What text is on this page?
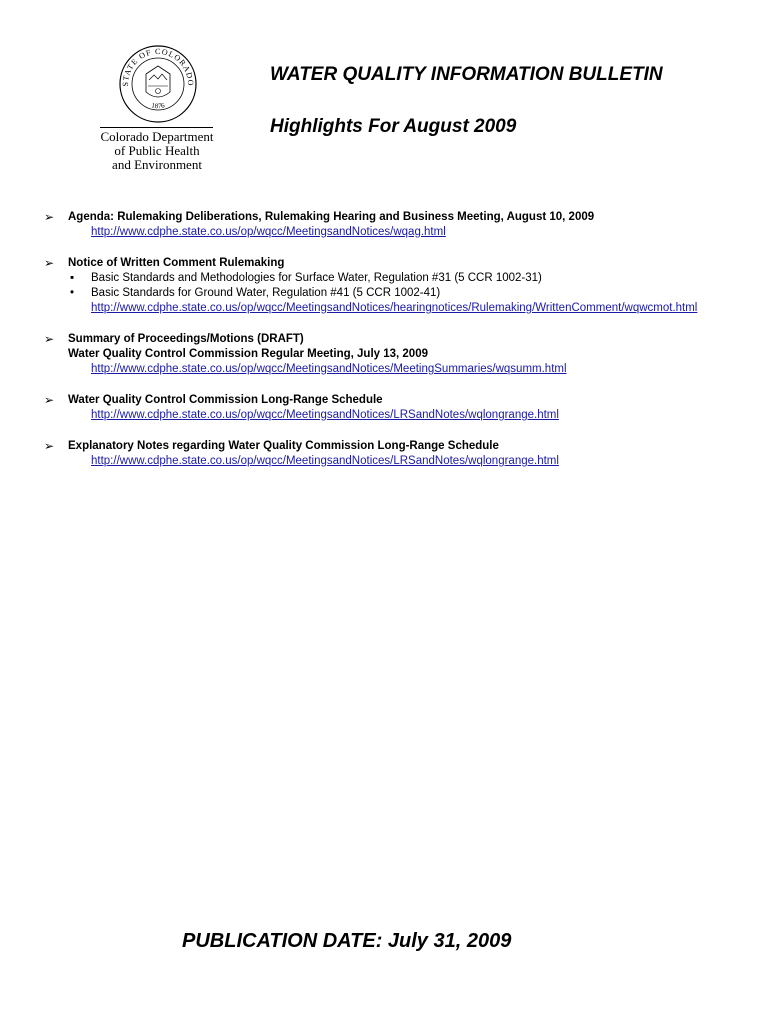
STATE OF COLORADO
1876
Colorado Department
of Public Health
and Environment
WATER QUALITY INFORMATION BULLETIN
Highlights For August 2009
➢ Agenda: Rulemaking Deliberations, Rulemaking Hearing and Business Meeting, August 10, 2009
http://www.cdphe.state.co.us/op/wqcc/MeetingsandNotices/wqag.html
➢ Notice of Written Comment Rulemaking
▪ Basic Standards and Methodologies for Surface Water, Regulation #31 (5 CCR 1002-31)
• Basic Standards for Ground Water, Regulation #41 (5 CCR 1002-41)
http://www.cdphe.state.co.us/op/wqcc/MeetingsandNotices/hearingnotices/Rulemaking/WrittenComment/wqwcmot.html
➢ Summary of Proceedings/Motions (DRAFT)
Water Quality Control Commission Regular Meeting, July 13, 2009
http://www.cdphe.state.co.us/op/wqcc/MeetingsandNotices/MeetingSummaries/wqsumm.html
➢ Water Quality Control Commission Long-Range Schedule
http://www.cdphe.state.co.us/op/wqcc/MeetingsandNotices/LRSandNotes/wqlongrange.html
➢ Explanatory Notes regarding Water Quality Commission Long-Range Schedule
http://www.cdphe.state.co.us/op/wqcc/MeetingsandNotices/LRSandNotes/wqlongrange.html
PUBLICATION DATE: July 31, 2009
